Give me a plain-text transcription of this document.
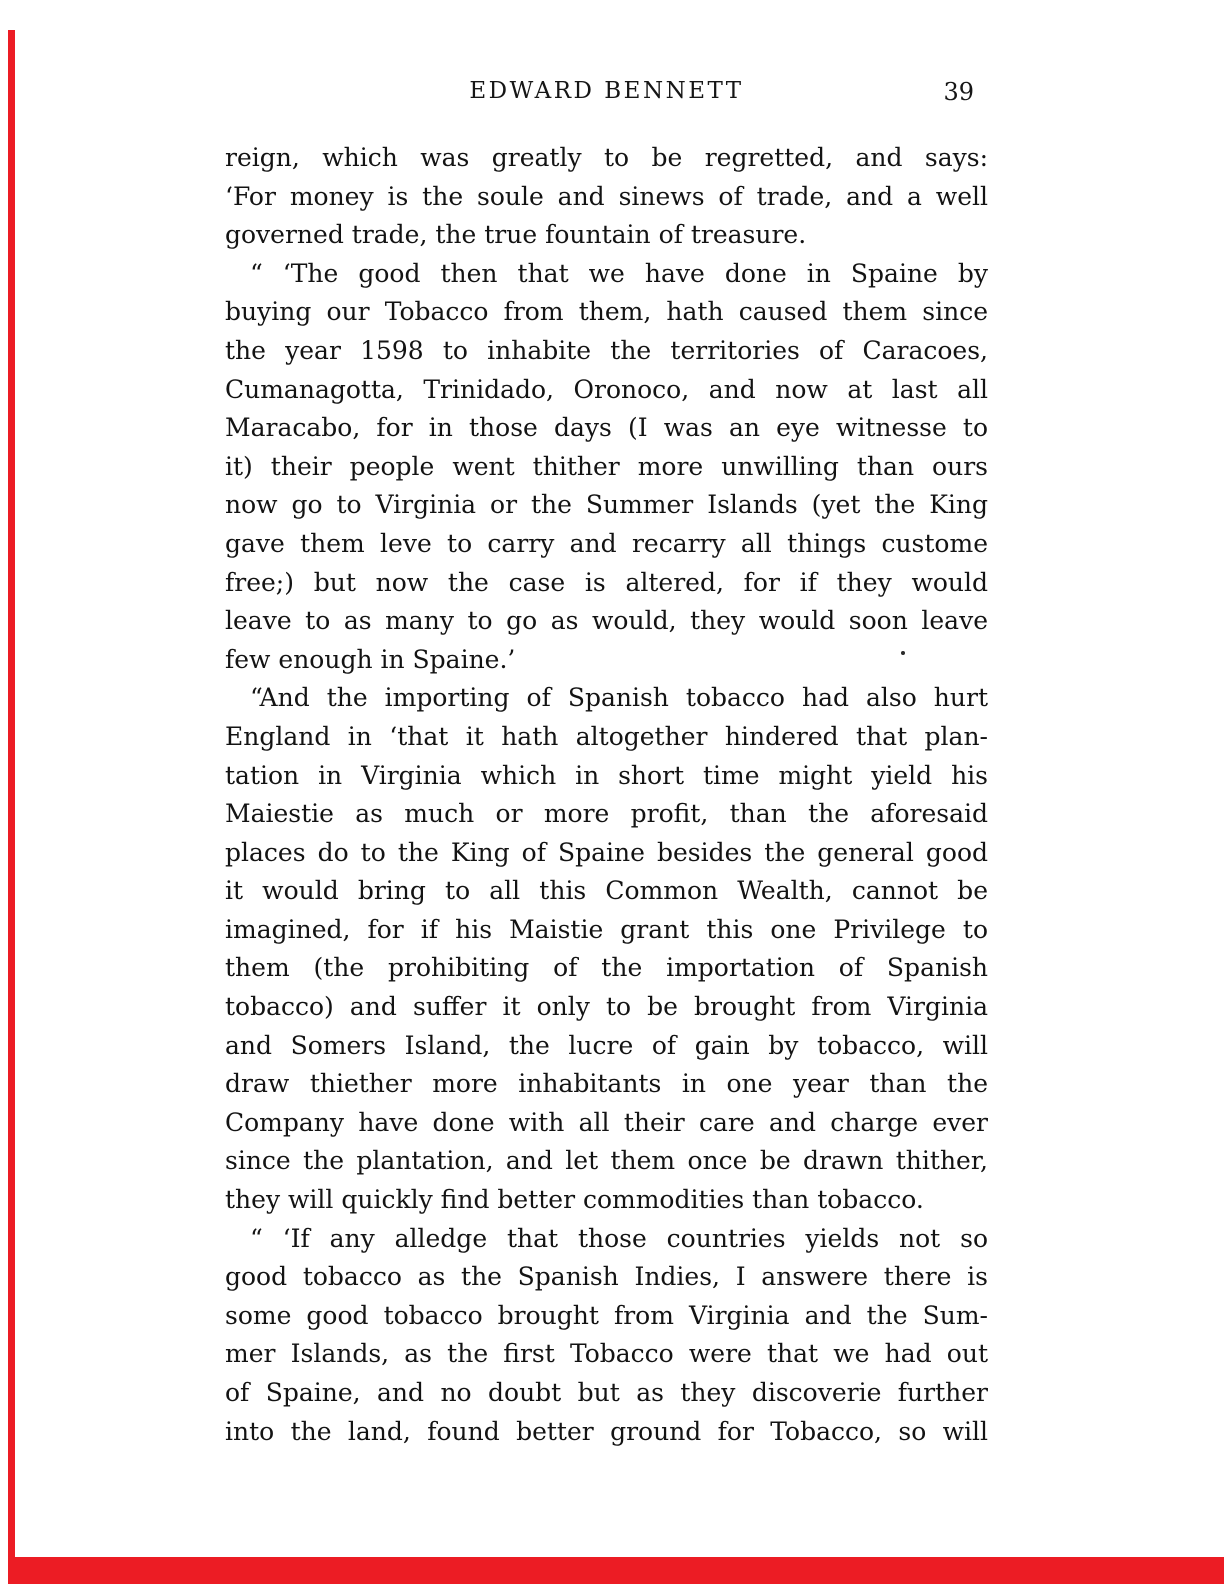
EDWARD BENNETT	39
reign, which was greatly to be regretted, and says:
‘For money is the soule and sinews of trade, and a well
governed trade, the true fountain of treasure.
“ ‘The good then that we have done in Spaine by
buying our Tobacco from them, hath caused them since
the year 1598 to inhabite the territories of Caracoes,
Cumanagotta, Trinidado, Oronoco, and now at last all
Maracabo, for in those days (I was an eye witnesse to
it) their people went thither more unwilling than ours
now go to Virginia or the Summer Islands (yet the King
gave them leve to carry and recarry all things custome
free;) but now the case is altered, for if they would
leave to as many to go as would, they would soon leave
few enough in Spaine.’
“And the importing of Spanish tobacco had also hurt
England in ‘that it hath altogether hindered that plan-
tation in Virginia which in short time might yield his
Maiestie as much or more profit, than the aforesaid
places do to the King of Spaine besides the general good
it would bring to all this Common Wealth, cannot be
imagined, for if his Maistie grant this one Privilege to
them (the prohibiting of the importation of Spanish
tobacco) and suffer it only to be brought from Virginia
and Somers Island, the lucre of gain by tobacco, will
draw thiether more inhabitants in one year than the
Company have done with all their care and charge ever
since the plantation, and let them once be drawn thither,
they will quickly find better commodities than tobacco.
“ ‘If any alledge that those countries yields not so
good tobacco as the Spanish Indies, I answere there is
some good tobacco brought from Virginia and the Sum-
mer Islands, as the first Tobacco were that we had out
of Spaine, and no doubt but as they discoverie further
into the land, found better ground for Tobacco, so will
